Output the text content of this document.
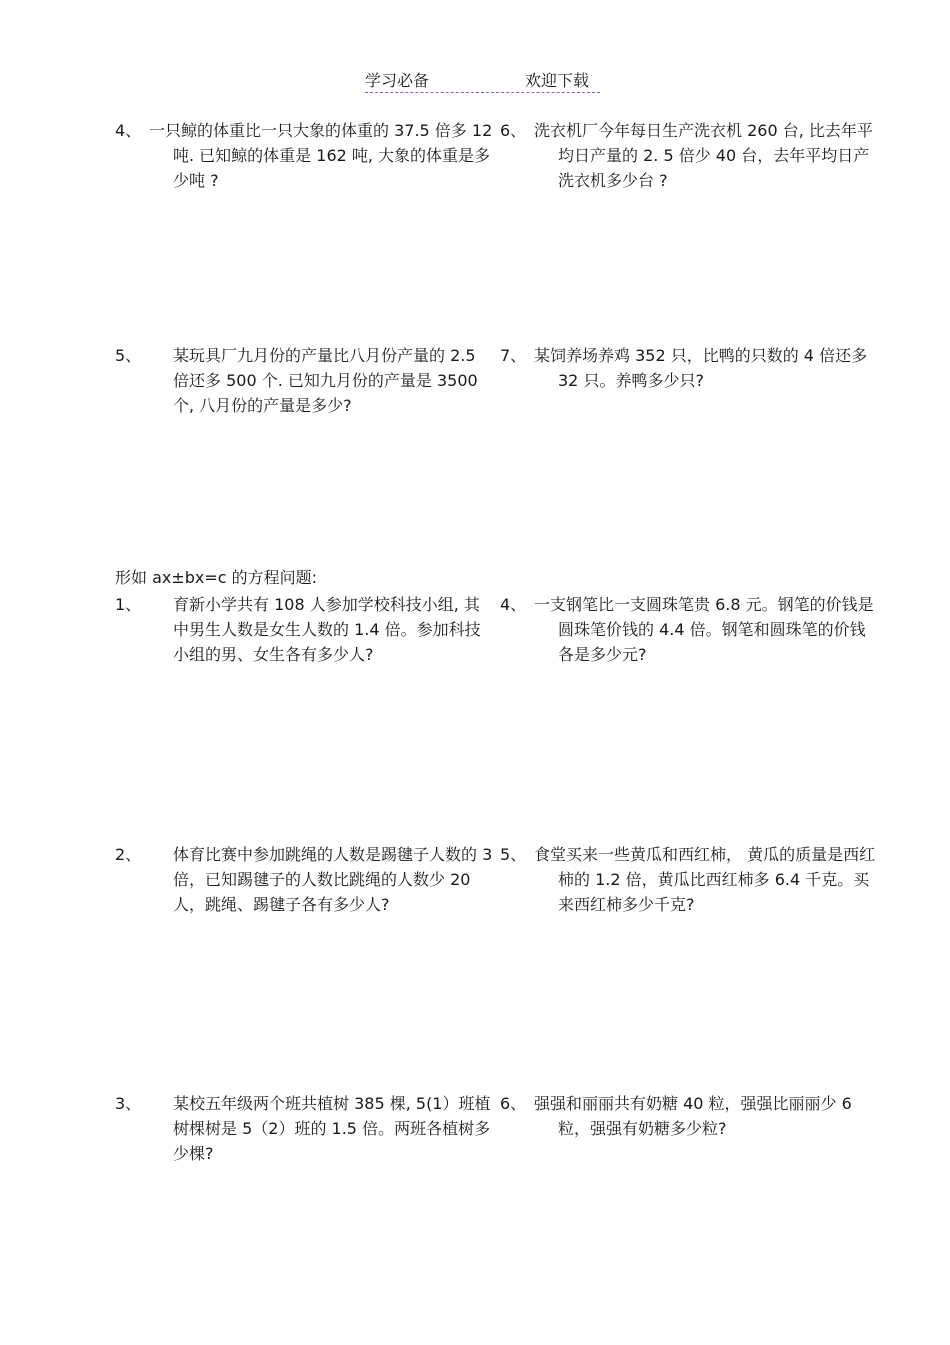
学习必备	欢迎下载
4、 一只鲸的体重比一只大象的体重的 37.5 倍多 12 吨. 已知鲸的体重是 162 吨, 大象的体重是多少吨 ?
6、 洗衣机厂今年每日生产洗衣机 260 台, 比去年平均日产量的 2. 5 倍少 40 台，去年平均日产洗衣机多少台 ?
5、	某玩具厂九月份的产量比八月份产量的 2.5 倍还多 500 个. 已知九月份的产量是 3500 个, 八月份的产量是多少?
7、 某饲养场养鸡 352 只，比鸭的只数的 4 倍还多 32 只。养鸭多少只?
形如 ax±bx=c 的方程问题:
1、	育新小学共有 108 人参加学校科技小组, 其中男生人数是女生人数的 1.4 倍。参加科技小组的男、女生各有多少人?
4、 一支钢笔比一支圆珠笔贵 6.8 元。钢笔的价钱是圆珠笔价钱的 4.4 倍。钢笔和圆珠笔的价钱各是多少元?
2、	体育比赛中参加跳绳的人数是踢毽子人数的 3 倍，已知踢毽子的人数比跳绳的人数少 20 人，跳绳、踢毽子各有多少人?
5、 食堂买来一些黄瓜和西红柿， 黄瓜的质量是西红柿的 1.2 倍，黄瓜比西红柿多 6.4 千克。买来西红柿多少千克?
3、	某校五年级两个班共植树 385 棵, 5(1）班植树棵树是 5（2）班的 1.5 倍。两班各植树多少棵?
6、 强强和丽丽共有奶糖 40 粒，强强比丽丽少 6 粒，强强有奶糖多少粒?
